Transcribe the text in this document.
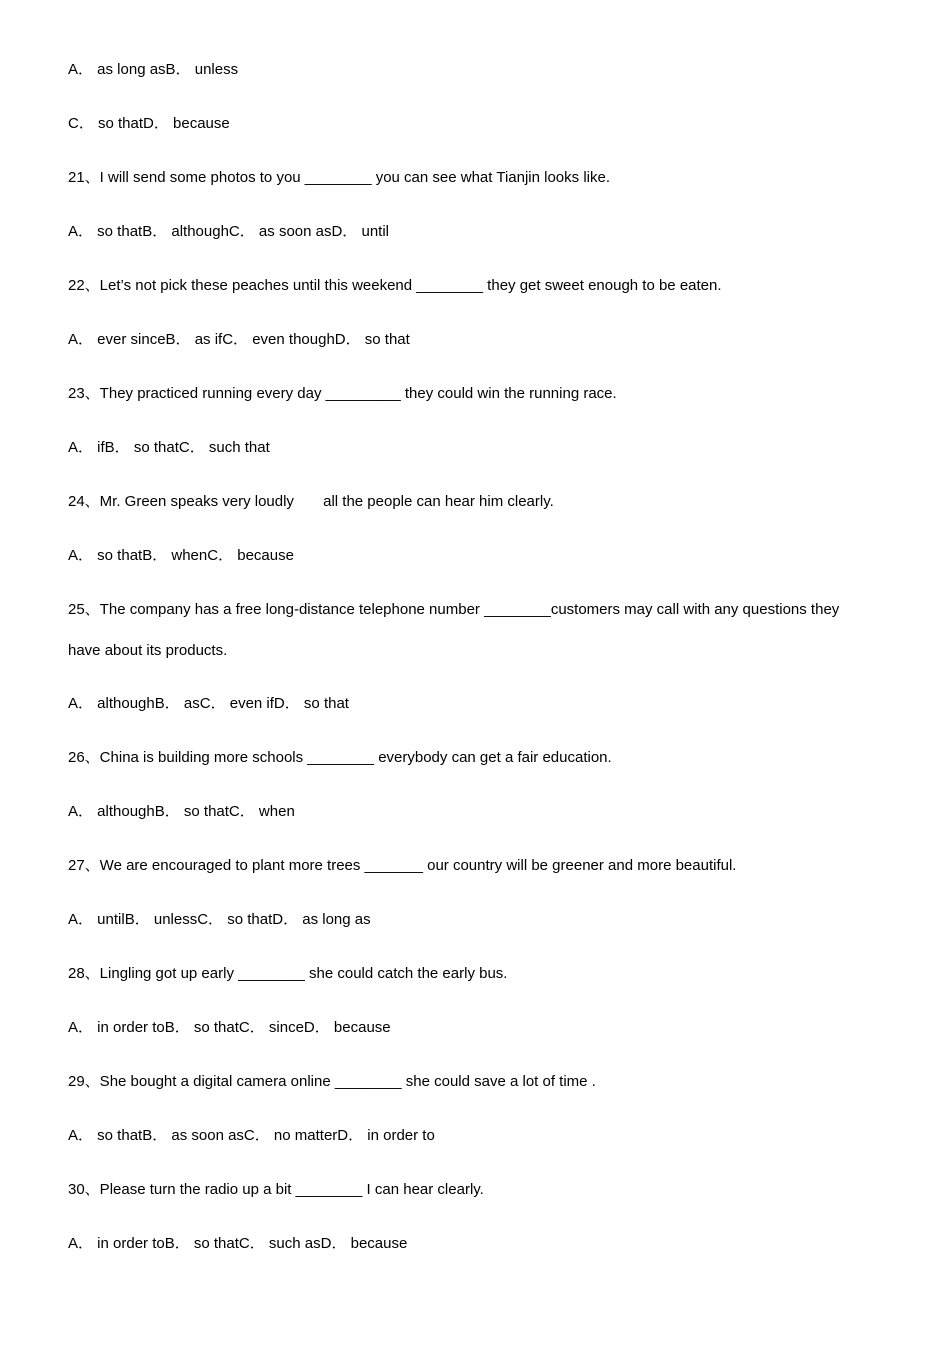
A． as long asB． unless
C． so thatD． because
21、I will send some photos to you ________ you can see what Tianjin looks like.
A． so thatB． althoughC． as soon asD． until
22、Let’s not pick these peaches until this weekend ________ they get sweet enough to be eaten.
A． ever sinceB． as ifC． even thoughD． so that
23、They practiced running every day _________ they could win the running race.
A． ifB． so thatC． such that
24、Mr. Green speaks very loudly       all the people can hear him clearly.
A． so thatB． whenC． because
25、The company has a free long-distance telephone number ________customers may call with any questions they have about its products.
A． althoughB． asC． even ifD． so that
26、China is building more schools ________ everybody can get a fair education.
A． althoughB． so thatC． when
27、We are encouraged to plant more trees _______ our country will be greener and more beautiful.
A． untilB． unlessC． so thatD． as long as
28、Lingling got up early ________ she could catch the early bus.
A． in order toB． so thatC． sinceD． because
29、She bought a digital camera online ________ she could save a lot of time .
A． so thatB． as soon asC． no matterD． in order to
30、Please turn the radio up a bit ________ I can hear clearly.
A． in order toB． so thatC． such asD． because
